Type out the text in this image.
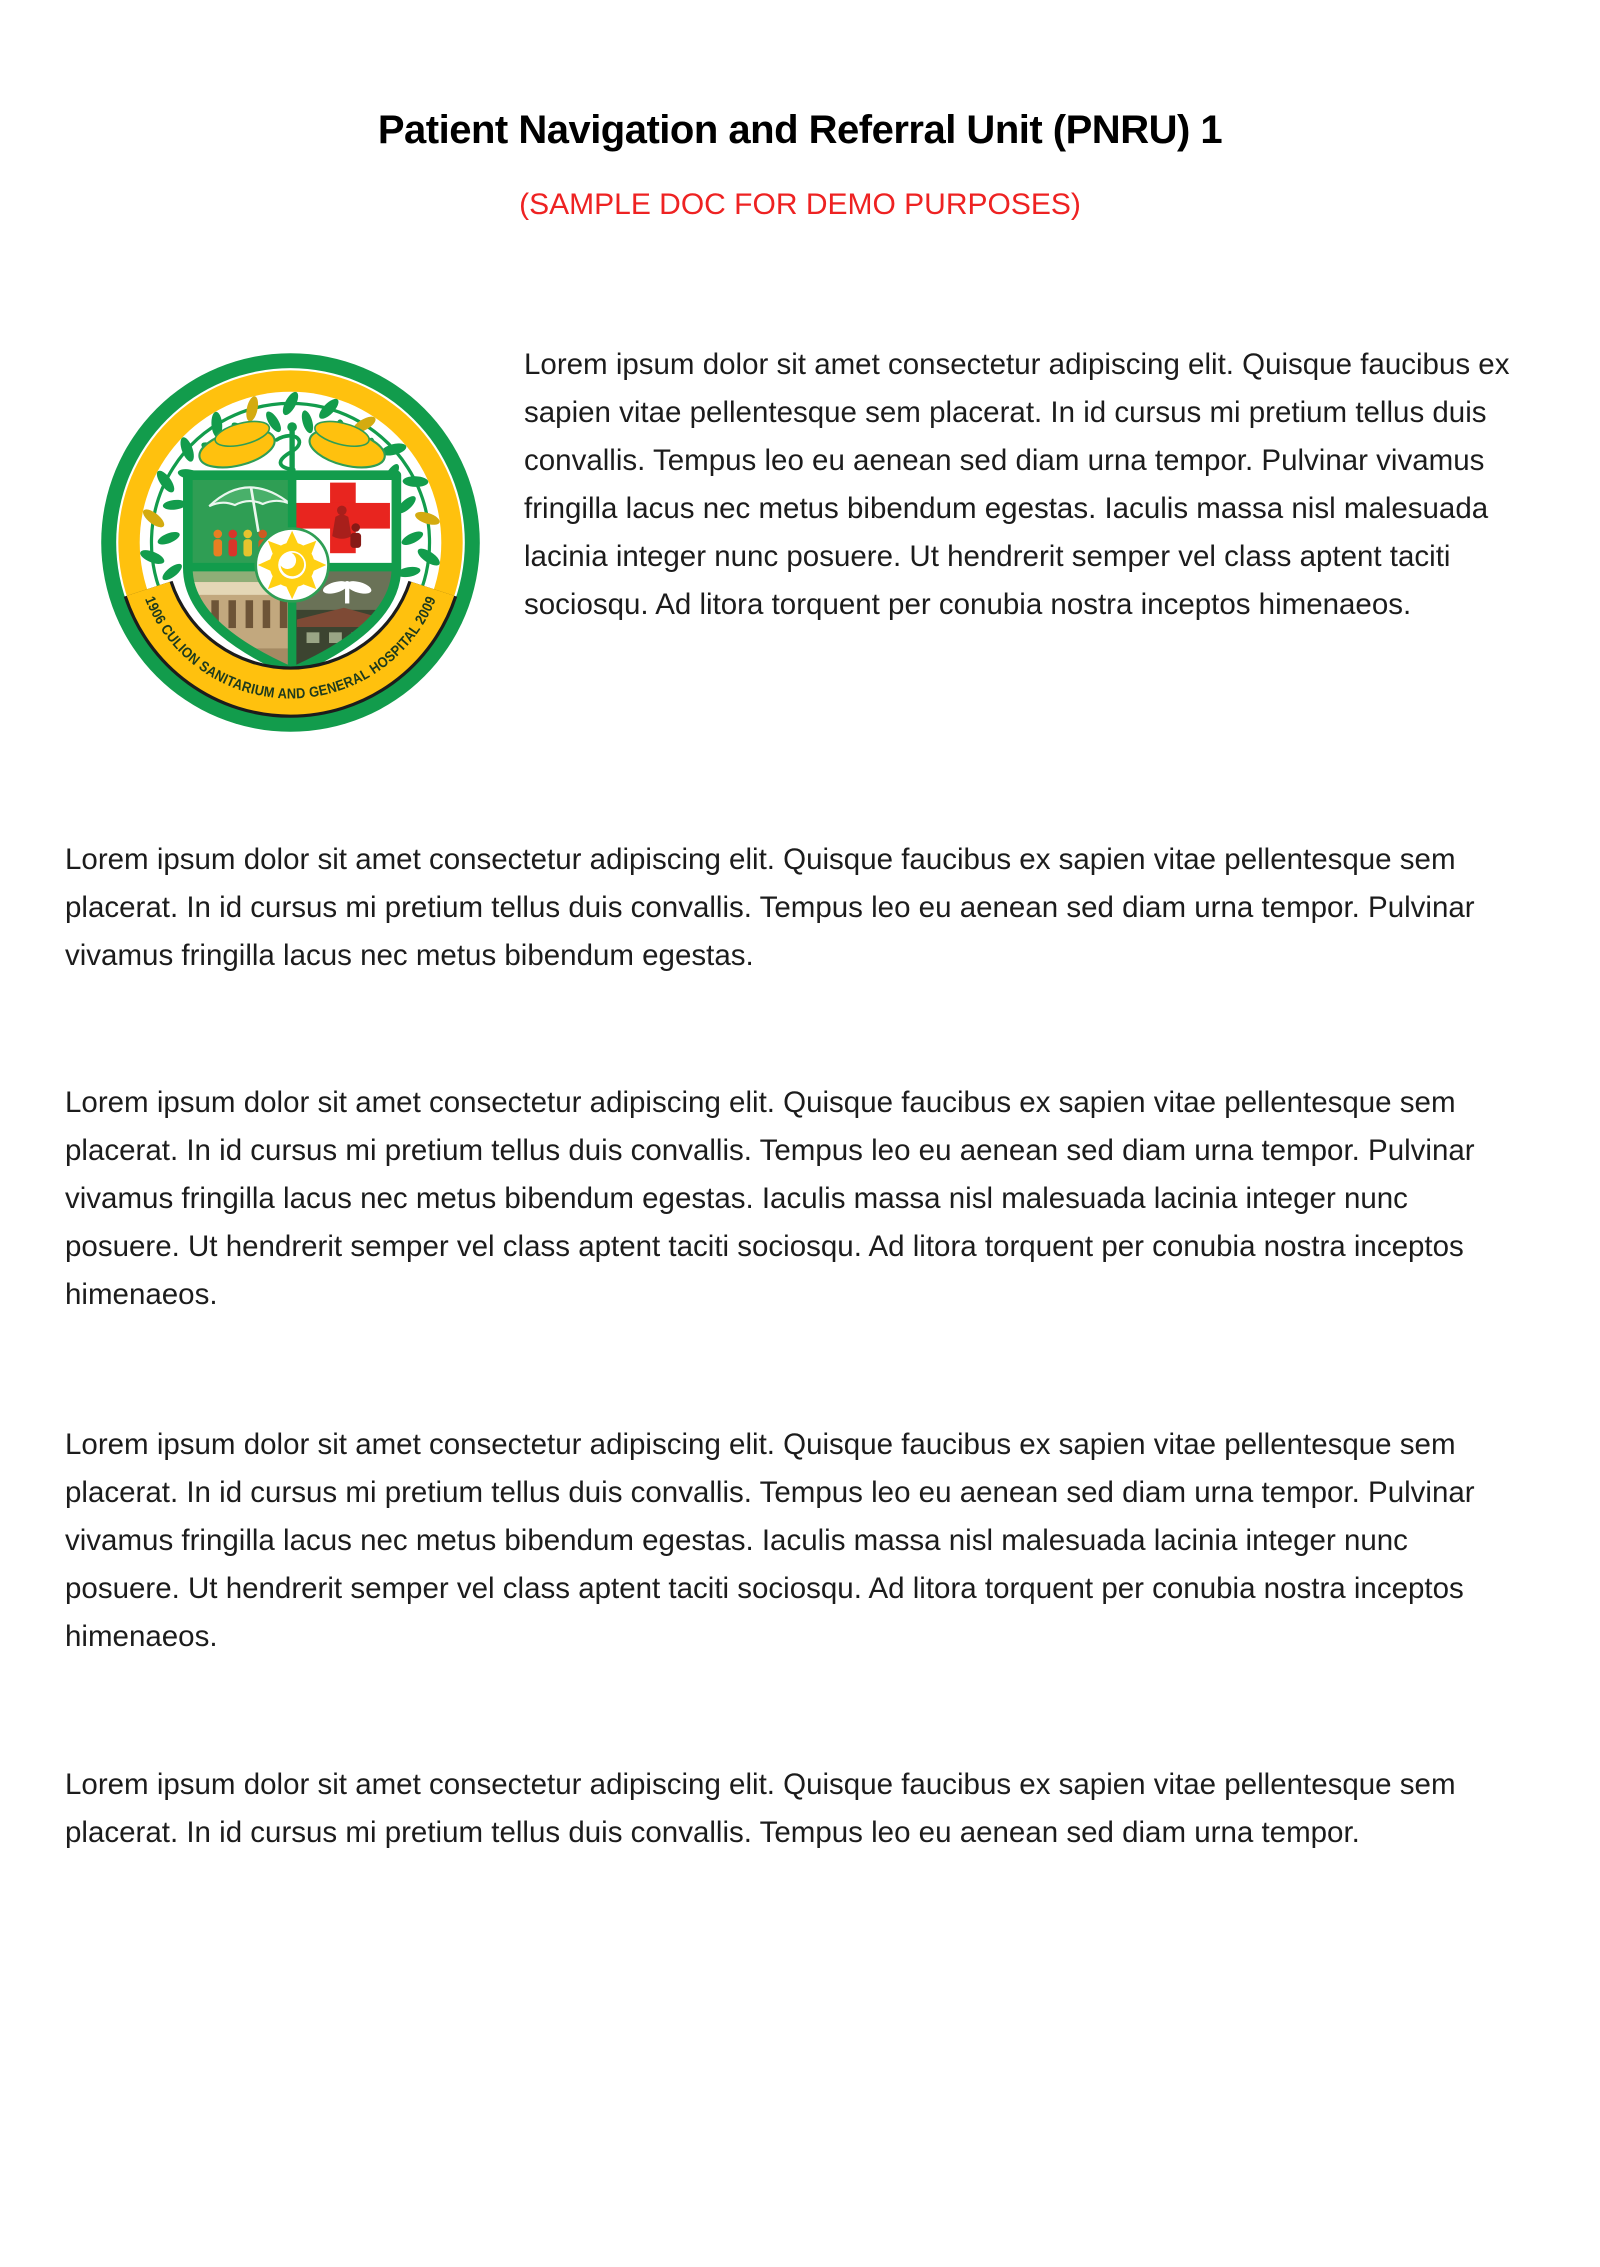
Patient Navigation and Referral Unit (PNRU) 1
(SAMPLE DOC FOR DEMO PURPOSES)
1906 CULION SANITARIUM AND GENERAL HOSPITAL 2009

Lorem ipsum dolor sit amet consectetur adipiscing elit. Quisque faucibus ex sapien vitae pellentesque sem placerat. In id cursus mi pretium tellus duis convallis. Tempus leo eu aenean sed diam urna tempor. Pulvinar vivamus fringilla lacus nec metus bibendum egestas. Iaculis massa nisl malesuada lacinia integer nunc posuere. Ut hendrerit semper vel class aptent taciti sociosqu. Ad litora torquent per conubia nostra inceptos himenaeos.

Lorem ipsum dolor sit amet consectetur adipiscing elit. Quisque faucibus ex sapien vitae pellentesque sem placerat. In id cursus mi pretium tellus duis convallis. Tempus leo eu aenean sed diam urna tempor. Pulvinar vivamus fringilla lacus nec metus bibendum egestas.

Lorem ipsum dolor sit amet consectetur adipiscing elit. Quisque faucibus ex sapien vitae pellentesque sem placerat. In id cursus mi pretium tellus duis convallis. Tempus leo eu aenean sed diam urna tempor. Pulvinar vivamus fringilla lacus nec metus bibendum egestas. Iaculis massa nisl malesuada lacinia integer nunc posuere. Ut hendrerit semper vel class aptent taciti sociosqu. Ad litora torquent per conubia nostra inceptos himenaeos.

Lorem ipsum dolor sit amet consectetur adipiscing elit. Quisque faucibus ex sapien vitae pellentesque sem placerat. In id cursus mi pretium tellus duis convallis. Tempus leo eu aenean sed diam urna tempor. Pulvinar vivamus fringilla lacus nec metus bibendum egestas. Iaculis massa nisl malesuada lacinia integer nunc posuere. Ut hendrerit semper vel class aptent taciti sociosqu. Ad litora torquent per conubia nostra inceptos himenaeos.

Lorem ipsum dolor sit amet consectetur adipiscing elit. Quisque faucibus ex sapien vitae pellentesque sem placerat. In id cursus mi pretium tellus duis convallis. Tempus leo eu aenean sed diam urna tempor.
